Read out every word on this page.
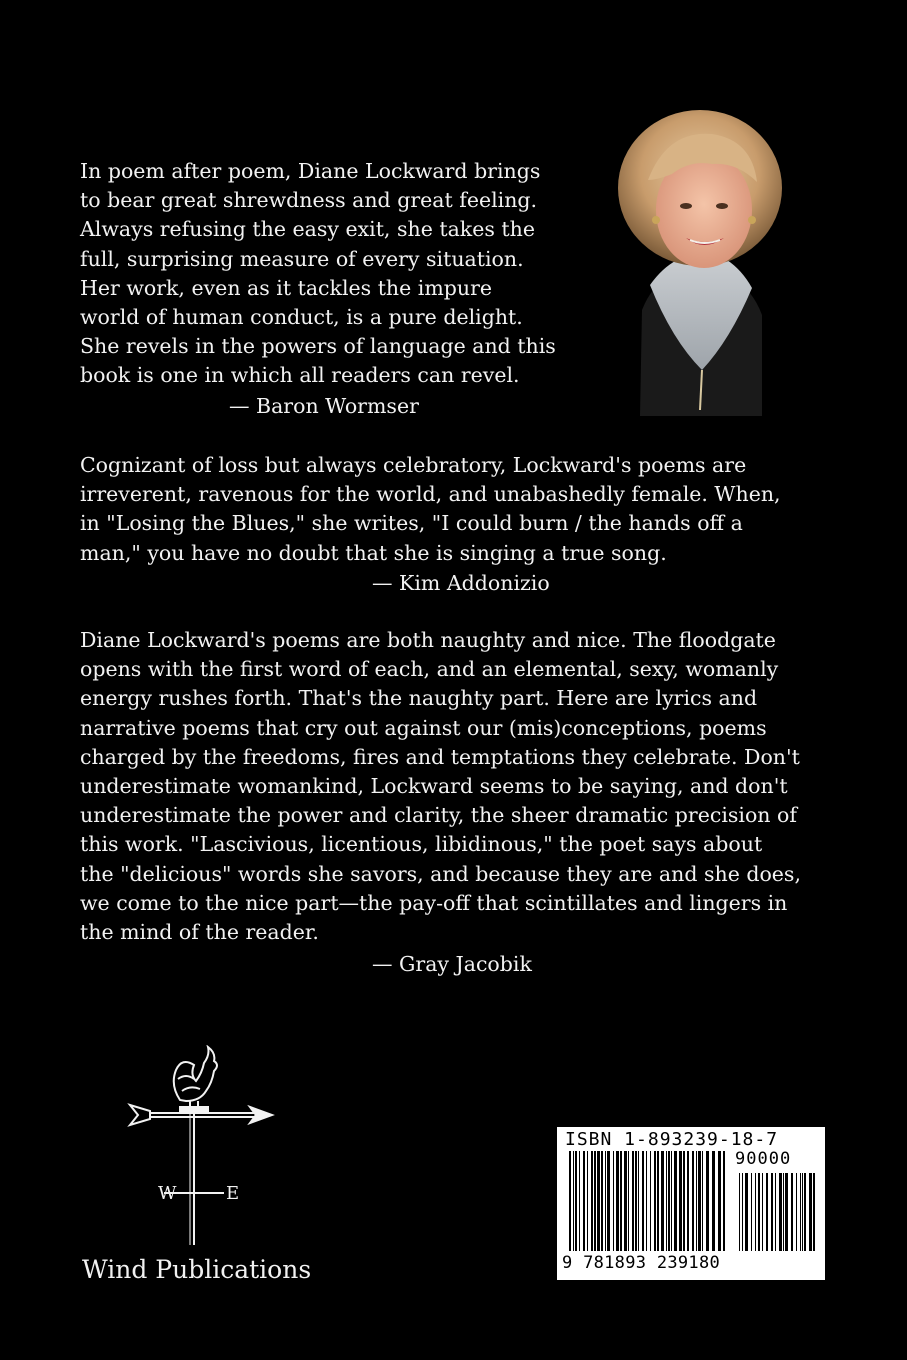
In poem after poem, Diane Lockward brings
to bear great shrewdness and great feeling.
Always refusing the easy exit, she takes the
full, surprising measure of every situation.
Her work, even as it tackles the impure
world of human conduct, is a pure delight.
She revels in the powers of language and this
book is one in which all readers can revel.
— Baron Wormser
Cognizant of loss but always celebratory, Lockward's poems are
irreverent, ravenous for the world, and unabashedly female. When,
in "Losing the Blues," she writes, "I could burn / the hands off a
man," you have no doubt that she is singing a true song.
— Kim Addonizio
Diane Lockward's poems are both naughty and nice. The floodgate
opens with the first word of each, and an elemental, sexy, womanly
energy rushes forth. That's the naughty part. Here are lyrics and
narrative poems that cry out against our (mis)conceptions, poems
charged by the freedoms, fires and temptations they celebrate. Don't
underestimate womankind, Lockward seems to be saying, and don't
underestimate the power and clarity, the sheer dramatic precision of
this work. "Lascivious, licentious, libidinous," the poet says about
the "delicious" words she savors, and because they are and she does,
we come to the nice part—the pay-off that scintillates and lingers in
the mind of the reader.
— Gray Jacobik
W	E
Wind Publications
ISBN 1-893239-18-7
90000
9 781893 239180
